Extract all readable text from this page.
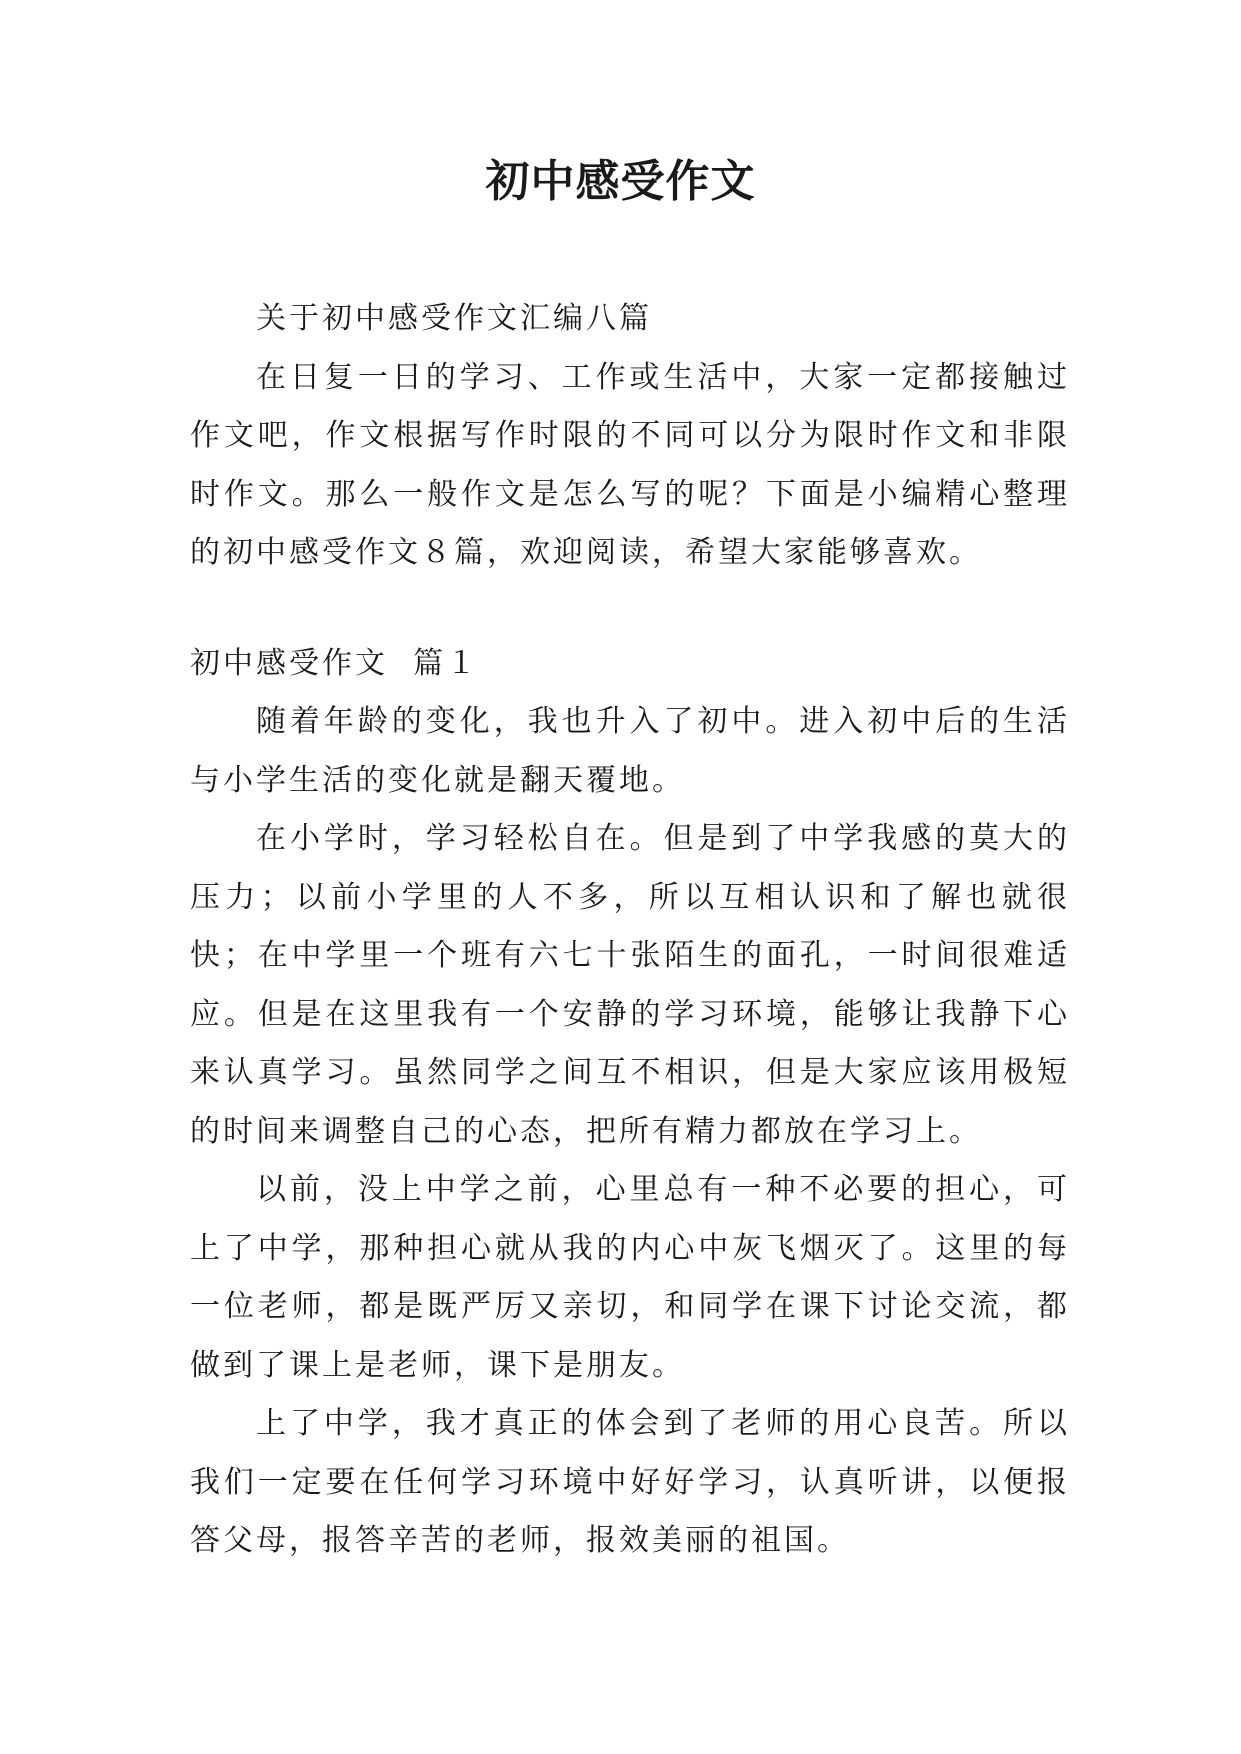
初中感受作文

关于初中感受作文汇编八篇

在日复一日的学习、工作或生活中，大家一定都接触过作文吧，作文根据写作时限的不同可以分为限时作文和非限时作文。那么一般作文是怎么写的呢？下面是小编精心整理的初中感受作文８篇，欢迎阅读，希望大家能够喜欢。

初中感受作文  篇１

随着年龄的变化，我也升入了初中。进入初中后的生活与小学生活的变化就是翻天覆地。

在小学时，学习轻松自在。但是到了中学我感的莫大的压力；以前小学里的人不多，所以互相认识和了解也就很快；在中学里一个班有六七十张陌生的面孔，一时间很难适应。但是在这里我有一个安静的学习环境，能够让我静下心来认真学习。虽然同学之间互不相识，但是大家应该用极短的时间来调整自己的心态，把所有精力都放在学习上。

以前，没上中学之前，心里总有一种不必要的担心，可上了中学，那种担心就从我的内心中灰飞烟灭了。这里的每一位老师，都是既严厉又亲切，和同学在课下讨论交流，都做到了课上是老师，课下是朋友。

上了中学，我才真正的体会到了老师的用心良苦。所以我们一定要在任何学习环境中好好学习，认真听讲，以便报答父母，报答辛苦的老师，报效美丽的祖国。
